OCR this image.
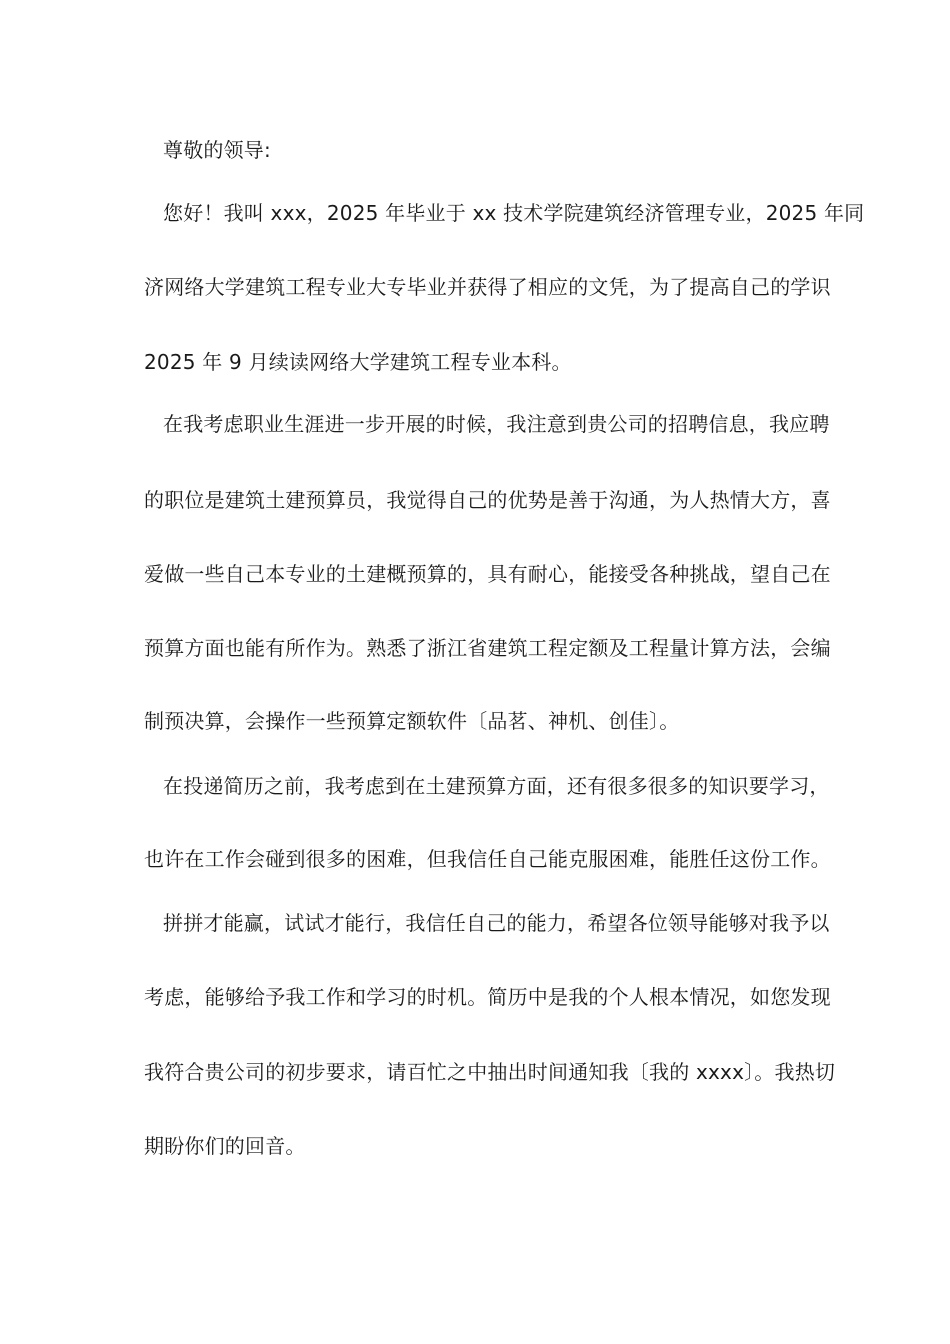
尊敬的领导:
您好！我叫 xxx，2025 年毕业于 xx 技术学院建筑经济管理专业，2025 年同
济网络大学建筑工程专业大专毕业并获得了相应的文凭，为了提高自己的学识
2025 年 9 月续读网络大学建筑工程专业本科。
在我考虑职业生涯进一步开展的时候，我注意到贵公司的招聘信息，我应聘
的职位是建筑土建预算员，我觉得自己的优势是善于沟通，为人热情大方，喜
爱做一些自己本专业的土建概预算的，具有耐心，能接受各种挑战，望自己在
预算方面也能有所作为。熟悉了浙江省建筑工程定额及工程量计算方法，会编
制预决算，会操作一些预算定额软件〔品茗、神机、创佳〕。
在投递简历之前，我考虑到在土建预算方面，还有很多很多的知识要学习，
也许在工作会碰到很多的困难，但我信任自己能克服困难，能胜任这份工作。
拼拼才能赢，试试才能行，我信任自己的能力，希望各位领导能够对我予以
考虑，能够给予我工作和学习的时机。简历中是我的个人根本情况，如您发现
我符合贵公司的初步要求，请百忙之中抽出时间通知我〔我的 xxxx〕。我热切
期盼你们的回音。
